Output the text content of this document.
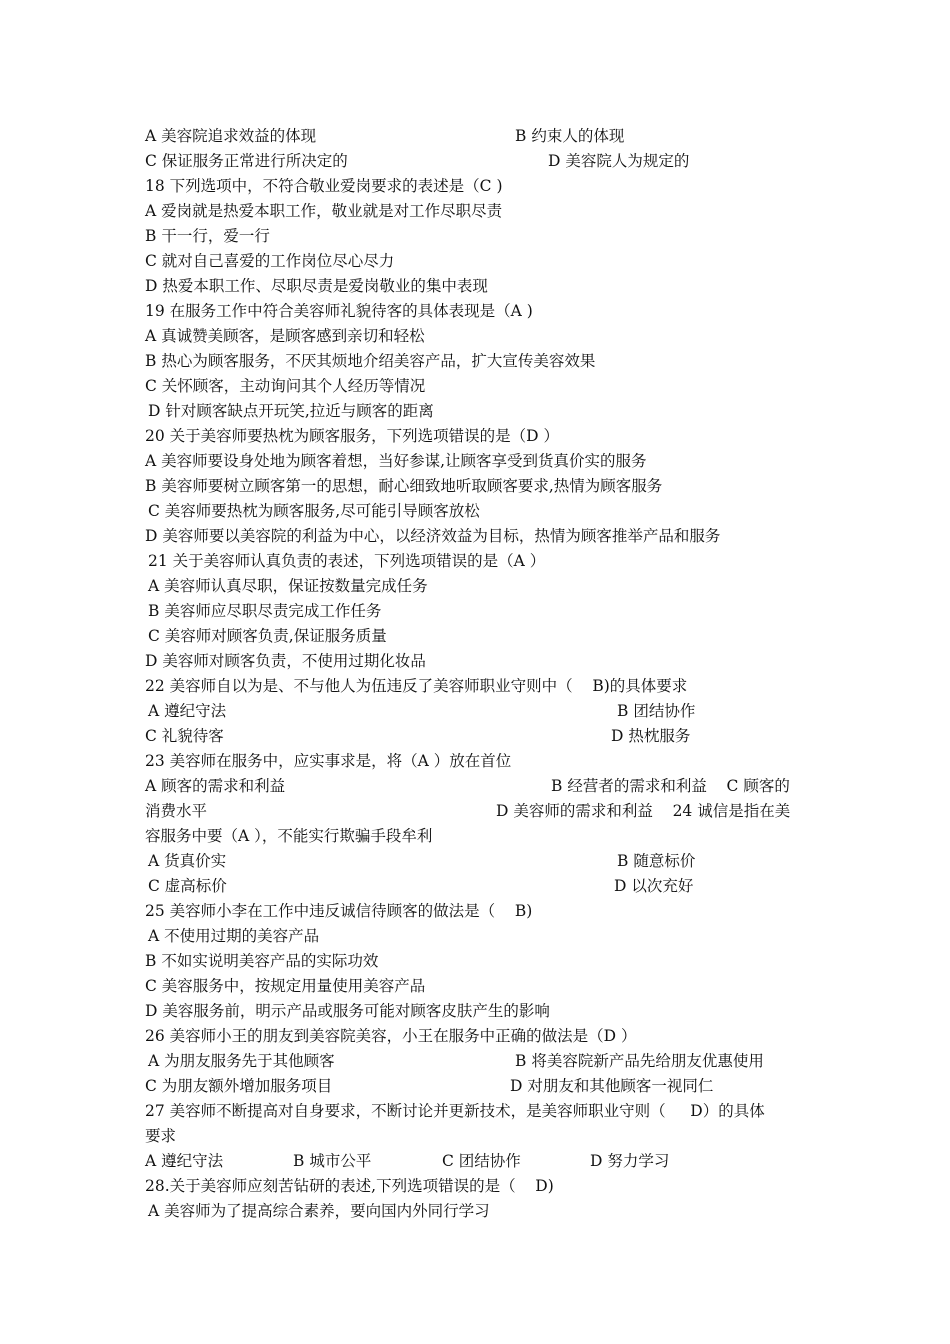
A 美容院追求效益的体现	B 约束人的体现
C 保证服务正常进行所决定的	D 美容院人为规定的
18 下列选项中，不符合敬业爱岗要求的表述是（C )
A 爱岗就是热爱本职工作，敬业就是对工作尽职尽责
B 干一行，爱一行
C 就对自己喜爱的工作岗位尽心尽力
D 热爱本职工作、尽职尽责是爱岗敬业的集中表现
19 在服务工作中符合美容师礼貌待客的具体表现是（A )
A 真诚赞美顾客，是顾客感到亲切和轻松
B 热心为顾客服务，不厌其烦地介绍美容产品，扩大宣传美容效果
C 关怀顾客，主动询问其个人经历等情况
D 针对顾客缺点开玩笑,拉近与顾客的距离
20 关于美容师要热枕为顾客服务，下列选项错误的是（D ）
A 美容师要设身处地为顾客着想，当好参谋,让顾客享受到货真价实的服务
B 美容师要树立顾客第一的思想，耐心细致地听取顾客要求,热情为顾客服务
C 美容师要热枕为顾客服务,尽可能引导顾客放松
D 美容师要以美容院的利益为中心，以经济效益为目标，热情为顾客推举产品和服务
21 关于美容师认真负责的表述，下列选项错误的是（A ）
A 美容师认真尽职，保证按数量完成任务
B 美容师应尽职尽责完成工作任务
C 美容师对顾客负责,保证服务质量
D 美容师对顾客负责，不使用过期化妆品
22 美容师自以为是、不与他人为伍违反了美容师职业守则中（    B)的具体要求
A 遵纪守法	B 团结协作
C 礼貌待客	D 热枕服务
23 美容师在服务中，应实事求是，将（A ）放在首位
A 顾客的需求和利益	B 经营者的需求和利益    C 顾客的
消费水平	D 美容师的需求和利益    24 诚信是指在美
容服务中要（A ），不能实行欺骗手段牟利
A 货真价实	B 随意标价
C 虚高标价	D 以次充好
25 美容师小李在工作中违反诚信待顾客的做法是（    B)
A 不使用过期的美容产品
B 不如实说明美容产品的实际功效
C 美容服务中，按规定用量使用美容产品
D 美容服务前，明示产品或服务可能对顾客皮肤产生的影响
26 美容师小王的朋友到美容院美容，小王在服务中正确的做法是（D ）
A 为朋友服务先于其他顾客	B 将美容院新产品先给朋友优惠使用
C 为朋友额外增加服务项目	D 对朋友和其他顾客一视同仁
27 美容师不断提高对自身要求，不断讨论并更新技术，是美容师职业守则（     D）的具体
要求
A 遵纪守法	B 城市公平	C 团结协作	D 努力学习
28.关于美容师应刻苦钻研的表述,下列选项错误的是（    D)
A 美容师为了提高综合素养，要向国内外同行学习
